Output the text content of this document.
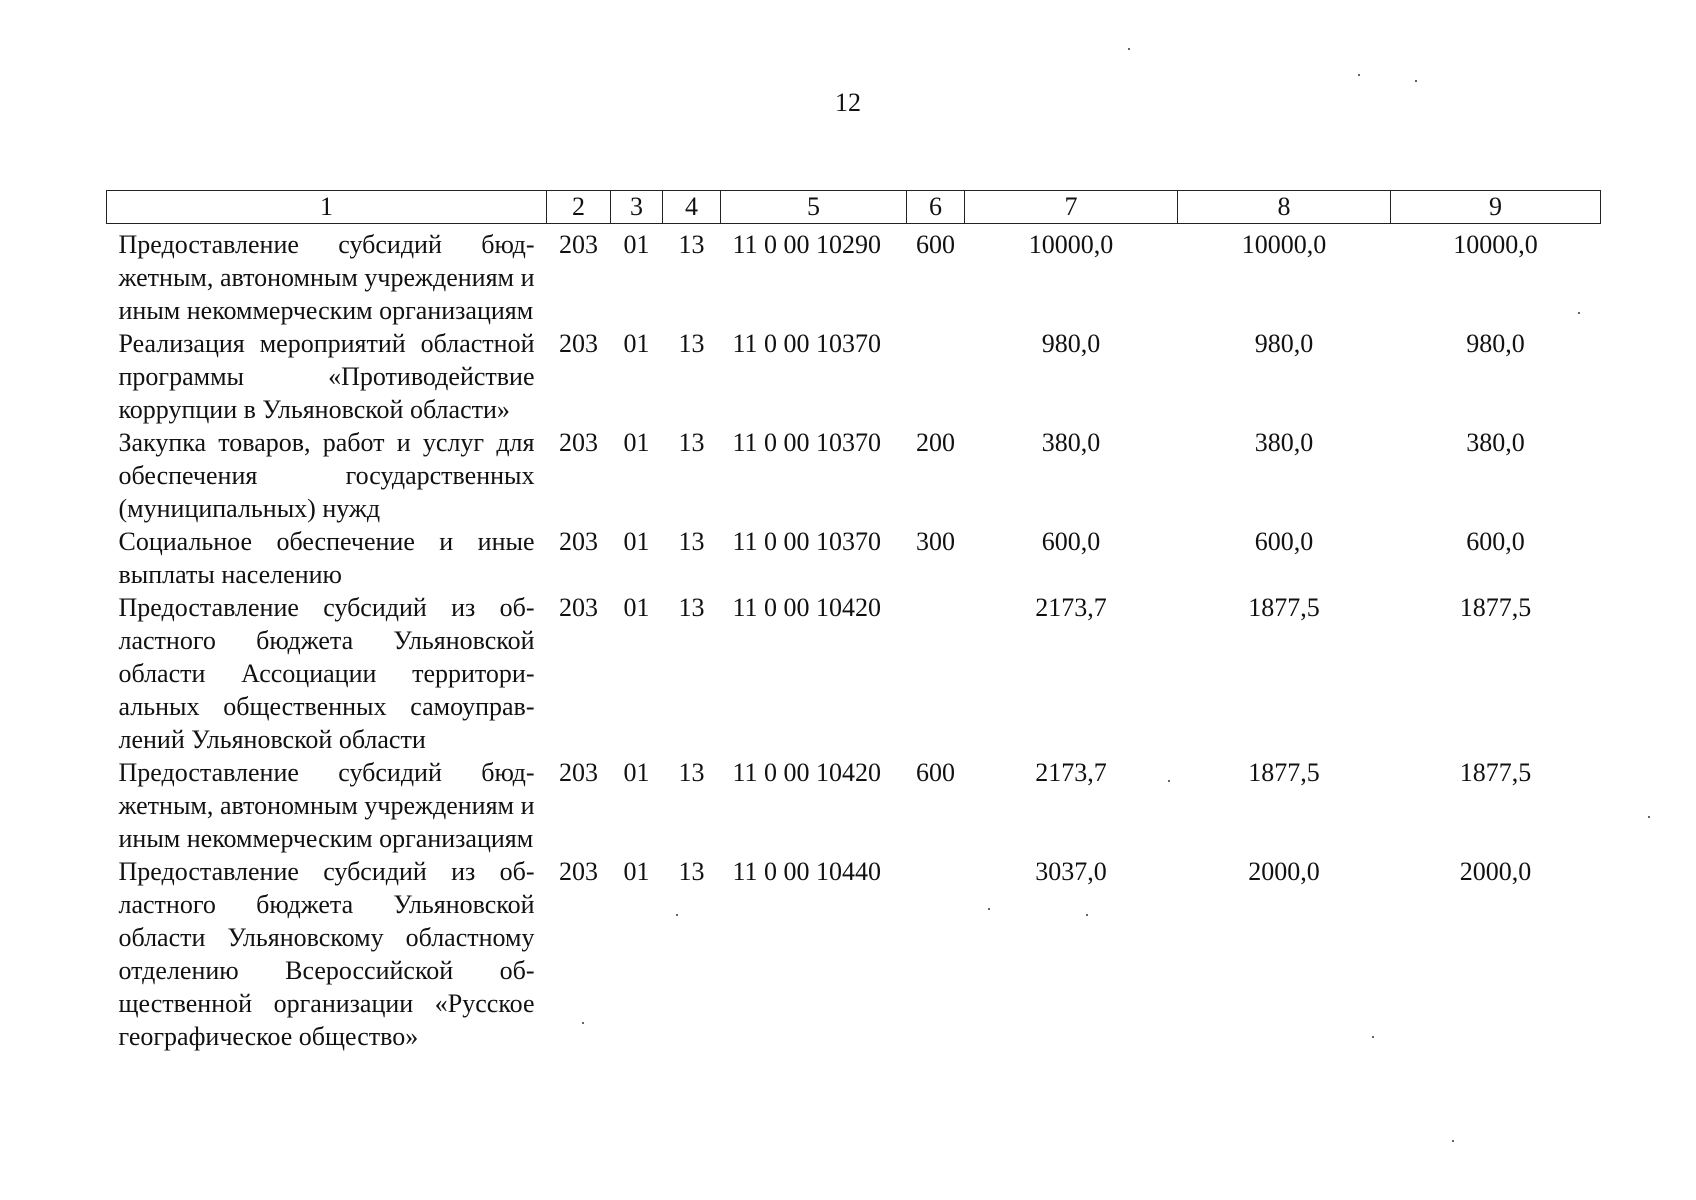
12
1	2	3	4	5	6	7	8	9
Предоставление субсидий бюджетным, автономным учреждениям и иным некоммерческим организациям	203	01	13	11 0 00 10290	600	10000,0	10000,0	10000,0
Реализация мероприятий областной программы «Противодействие коррупции в Ульяновской области»	203	01	13	11 0 00 10370		980,0	980,0	980,0
Закупка товаров, работ и услуг для обеспечения государственных (муниципальных) нужд	203	01	13	11 0 00 10370	200	380,0	380,0	380,0
Социальное обеспечение и иные выплаты населению	203	01	13	11 0 00 10370	300	600,0	600,0	600,0
Предоставление субсидий из областного бюджета Ульяновской области Ассоциации территориальных общественных самоуправлений Ульяновской области	203	01	13	11 0 00 10420		2173,7	1877,5	1877,5
Предоставление субсидий бюджетным, автономным учреждениям и иным некоммерческим организациям	203	01	13	11 0 00 10420	600	2173,7	1877,5	1877,5
Предоставление субсидий из областного бюджета Ульяновской области Ульяновскому областному отделению Всероссийской общественной организации «Русское географическое общество»	203	01	13	11 0 00 10440		3037,0	2000,0	2000,0
